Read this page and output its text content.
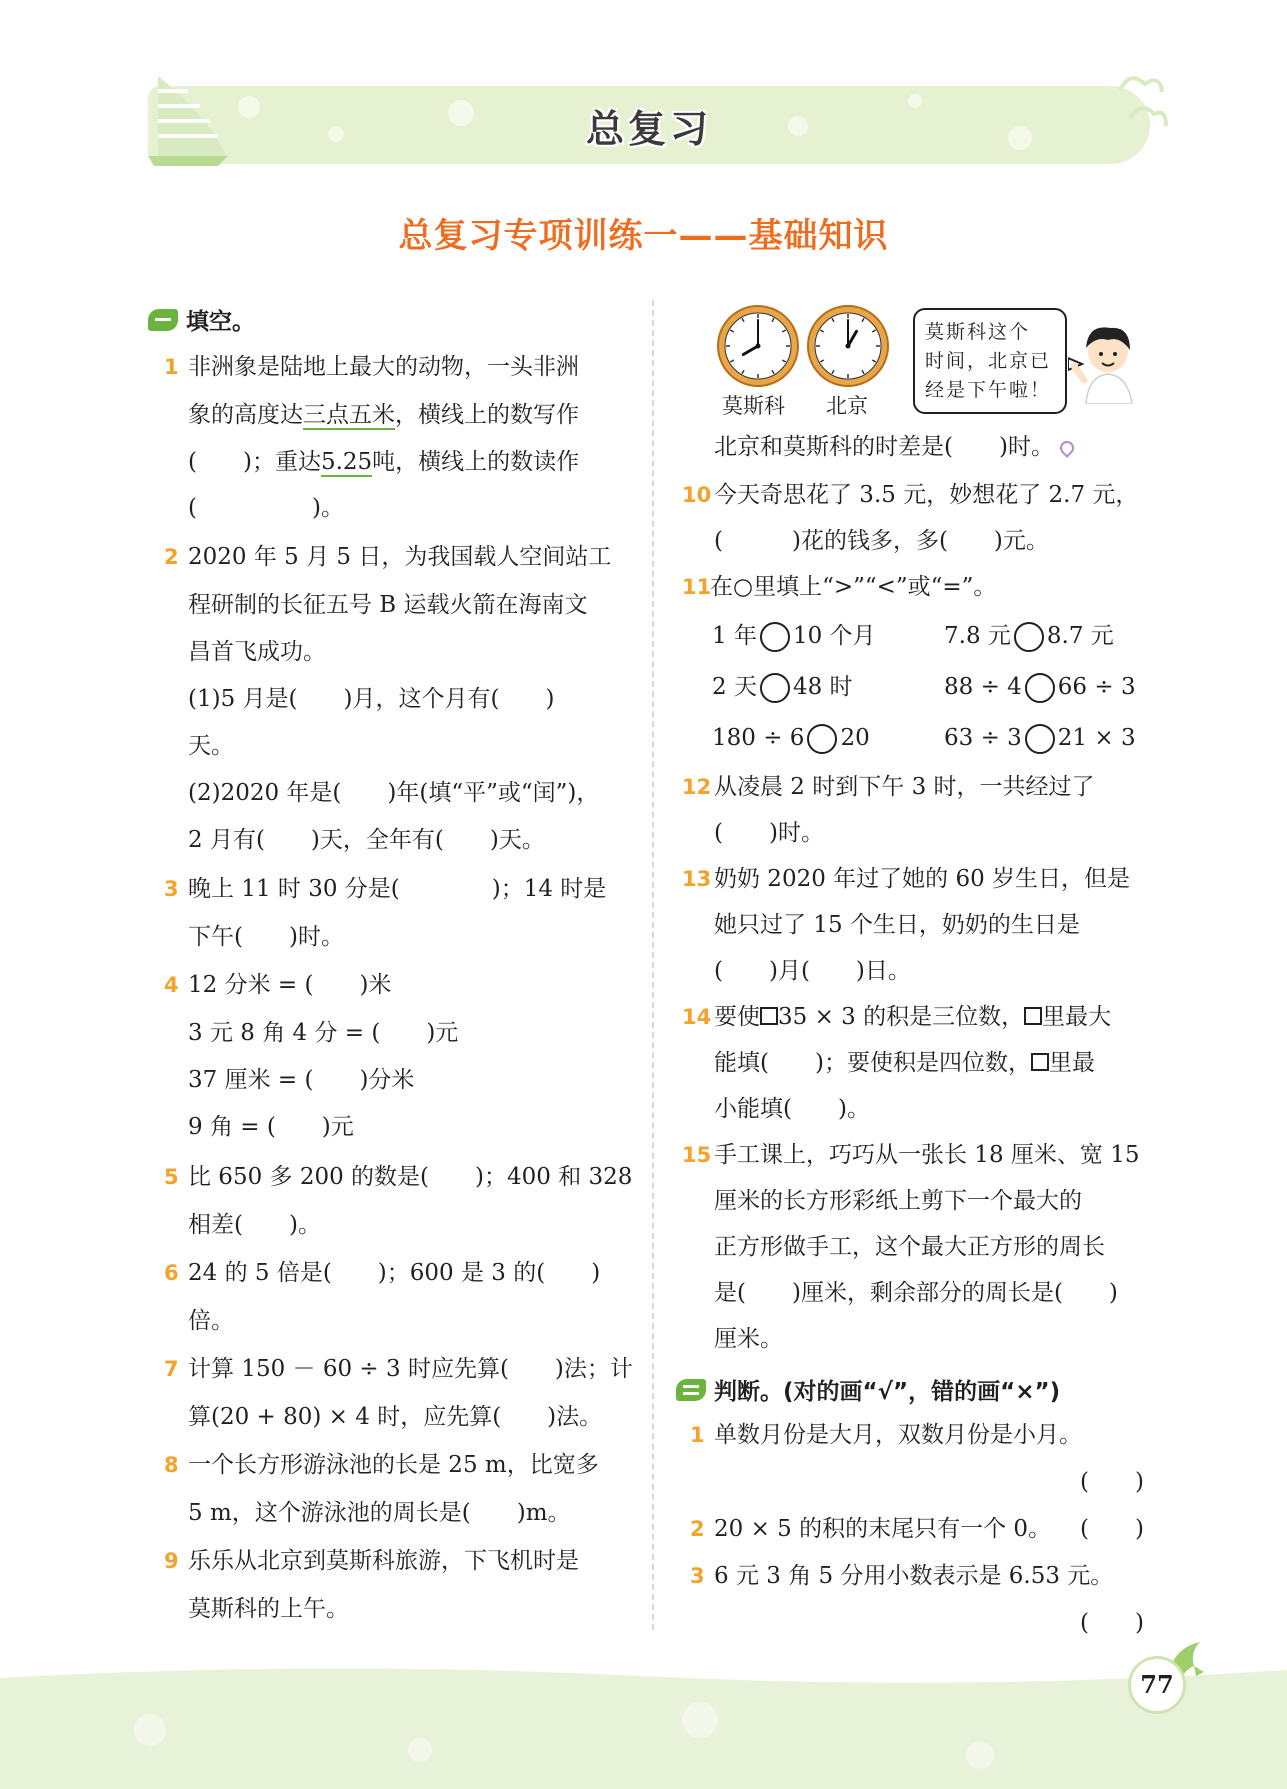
总复习
总复习专项训练一——基础知识
填空。
1 非洲象是陆地上最大的动物，一头非洲
象的高度达三点五米，横线上的数写作
(　　)；重达5.25吨，横线上的数读作
(　　　　　)。
2 2020 年 5 月 5 日，为我国载人空间站工
程研制的长征五号 B 运载火箭在海南文
昌首飞成功。
(1)5 月是(　　)月，这个月有(　　)
天。
(2)2020 年是(　　)年(填“平”或“闰”)，
2 月有(　　)天，全年有(　　)天。
3 晚上 11 时 30 分是(　　　　)；14 时是
下午(　　)时。
4 12 分米 = (　　)米
3 元 8 角 4 分 = (　　)元
37 厘米 = (　　)分米
9 角 = (　　)元
5 比 650 多 200 的数是(　　)；400 和 328
相差(　　)。
6 24 的 5 倍是(　　)；600 是 3 的(　　)
倍。
7 计算 150 － 60 ÷ 3 时应先算(　　)法；计
算(20 + 80) × 4 时，应先算(　　)法。
8 一个长方形游泳池的长是 25 m，比宽多
5 m，这个游泳池的周长是(　　)m。
9 乐乐从北京到莫斯科旅游，下飞机时是
莫斯科的上午。
莫斯科 北京
莫斯科这个
时间，北京已
经是下午啦！
北京和莫斯科的时差是(　　)时。
10 今天奇思花了 3.5 元，妙想花了 2.7 元，
(　　　)花的钱多，多(　　)元。
11
在○里填上“>”“<”或“=”。
1 年 10 个月	7.8 元 8.7 元
2 天 48 时	88 ÷ 4 66 ÷ 3
180 ÷ 6 20	63 ÷ 3 21 × 3
12 从凌晨 2 时到下午 3 时，一共经过了
(　　)时。
13 奶奶 2020 年过了她的 60 岁生日，但是
她只过了 15 个生日，奶奶的生日是
(　　)月(　　)日。
14 要使 35 × 3 的积是三位数， 里最大
能填(　　)；要使积是四位数， 里最
小能填(　　)。
15 手工课上，巧巧从一张长 18 厘米、宽 15
厘米的长方形彩纸上剪下一个最大的
正方形做手工，这个最大正方形的周长
是(　　)厘米，剩余部分的周长是(　　)
厘米。
判断。(对的画“√”，错的画“×”)
1 单数月份是大月，双数月份是小月。
(　　)
2 20 × 5 的积的末尾只有一个 0。 (　　)
3 6 元 3 角 5 分用小数表示是 6.53 元。
(　　)
77
